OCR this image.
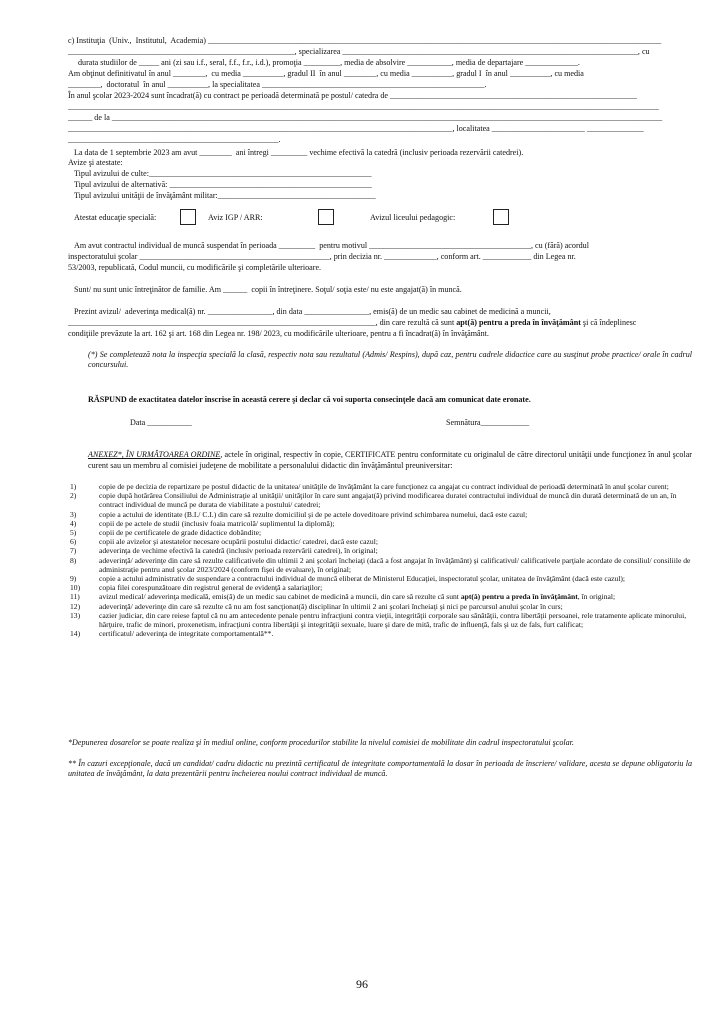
c) Instituţia  (Univ.,  Institutul,  Academia) ________________________________________________________________________________________________________________
________________________________________________________, specializarea _________________________________________________________________________, cu
durata studiilor de _____ ani (zi sau i.f., seral, f.f., f.r., i.d.), promoţia _________, media de absolvire ___________, media de departajare _____________.
Am obţinut definitivatul în anul ________,  cu media __________, gradul II  în anul ________, cu media __________, gradul I  în anul __________, cu media
________,  doctoratul  în anul __________, la specialitatea _______________________________________________________.
În anul şcolar 2023-2024 sunt încadrat(ă) cu contract pe perioadă determinată pe postul/ catedra de _____________________________________________________________
__________________________________________________________________________________________________________________________________________________
______ de la ________________________________________________________________________________________________________________________________________
_______________________________________________________________________________________________, localitatea _______________________ ______________
____________________________________________________.
La data de 1 septembrie 2023 am avut ________  ani întregi _________ vechime efectivă la catedră (inclusiv perioada rezervării catedrei).
Avize şi atestate:
Tipul avizului de culte:_______________________________________________________
Tipul avizului de alternativă: __________________________________________________
Tipul avizului unităţii de învăţământ militar:_______________________________________
Atestat educaţie specială:	Aviz IGP / ARR:	Avizul liceului pedagogic:
Am avut contractul individual de muncă suspendat în perioada _________  pentru motivul ________________________________________, cu (fără) acordul
inspectoratului şcolar _______________________________________________, prin decizia nr. _____________, conform art. ____________ din Legea nr.
53/2003, republicată, Codul muncii, cu modificările şi completările ulterioare.
Sunt/ nu sunt unic întreţinător de familie. Am ______  copii în întreţinere. Soţul/ soţia este/ nu este angajat(ă) în muncă.
Prezint avizul/  adeverinţa medical(ă) nr. ________________, din data ________________, emis(ă) de un medic sau cabinet de medicină a muncii,
____________________________________________________________________________, din care rezultă că sunt apt(ă) pentru a preda în învăţământ şi că îndeplinesc
condiţiile prevăzute la art. 162 şi art. 168 din Legea nr. 198/ 2023, cu modificările ulterioare, pentru a fi încadrat(ă) în învăţământ.
(*) Se completează nota la inspecţia specială la clasă, respectiv nota sau rezultatul (Admis/ Respins), după caz, pentru cadrele didactice care au susţinut probe practice/ orale în cadrul concursului.
RĂSPUND de exactitatea datelor înscrise în această cerere şi declar că voi suporta consecinţele dacă am comunicat date eronate.
Data ___________	Semnătura____________
ANEXEZ*, ÎN URMĂTOAREA ORDINE, actele în original, respectiv în copie, CERTIFICATE pentru conformitate cu originalul de către directorul unităţii unde funcţionez în anul şcolar curent sau un membru al comisiei judeţene de mobilitate a personalului didactic din învăţământul preuniversitar:
1)	copie de pe decizia de repartizare pe postul didactic de la unitatea/ unităţile de învăţământ la care funcţionez ca angajat cu contract individual de perioadă determinată în anul şcolar curent;
2)	copie după hotărârea Consiliului de Administraţie al unităţii/ unităţilor în care sunt angajat(ă) privind modificarea duratei contractului individual de muncă din durată determinată de un an, în contract individual de muncă pe durata de viabilitate a postului/ catedrei;
3)	copie a actului de identitate (B.I./ C.I.) din care să rezulte domiciliul şi de pe actele doveditoare privind schimbarea numelui, dacă este cazul;
4)	copii de pe actele de studii (inclusiv foaia matricolă/ suplimentul la diplomă);
5)	copii de pe certificatele de grade didactice dobândite;
6)	copii ale avizelor şi atestatelor necesare ocupării postului didactic/ catedrei, dacă este cazul;
7)	adeverinţa de vechime efectivă la catedră (inclusiv perioada rezervării catedrei), în original;
8)	adeverinţă/ adeverinţe din care să rezulte calificativele din ultimii 2 ani şcolari încheiaţi (dacă a fost angajat în învăţământ) şi calificativul/ calificativele parţiale acordate de consiliul/ consiliile de administraţie pentru anul şcolar 2023/2024 (conform fişei de evaluare), în original;
9)	copie a actului administrativ de suspendare a contractului individual de muncă eliberat de Ministerul Educaţiei, inspectoratul şcolar, unitatea de învăţământ (dacă este cazul);
10) copia filei corespunzătoare din registrul general de evidenţă a salariaţilor;
11)	avizul medical/ adeverinţa medicală, emis(ă) de un medic sau cabinet de medicină a muncii, din care să rezulte că sunt apt(ă) pentru a preda în învăţământ, în original;
12) adeverinţă/ adeverinţe din care să rezulte că nu am fost sancţionat(ă) disciplinar în ultimii 2 ani şcolari încheiaţi şi nici pe parcursul anului şcolar în curs;
13) cazier judiciar, din care reiese faptul că nu am antecedente penale pentru infracţiuni contra vieţii, integrităţii corporale sau sănătăţii, contra libertăţii persoanei, rele tratamente aplicate minorului, hărţuire, trafic de minori, proxenetism, infracţiuni contra libertăţii şi integrităţii sexuale, luare şi dare de mită, trafic de influenţă, fals şi uz de fals, furt calificat;
14) certificatul/ adeverinţa de integritate comportamentală**.
*Depunerea dosarelor se poate realiza şi în mediul online, conform procedurilor stabilite la nivelul comisiei de mobilitate din cadrul inspectoratului şcolar.
** În cazuri excepţionale, dacă un candidat/ cadru didactic nu prezintă certificatul de integritate comportamentală la dosar în perioada de înscriere/ validare, acesta se depune obligatoriu la unitatea de învăţământ, la data prezentării pentru încheierea noului contract individual de muncă.
96
